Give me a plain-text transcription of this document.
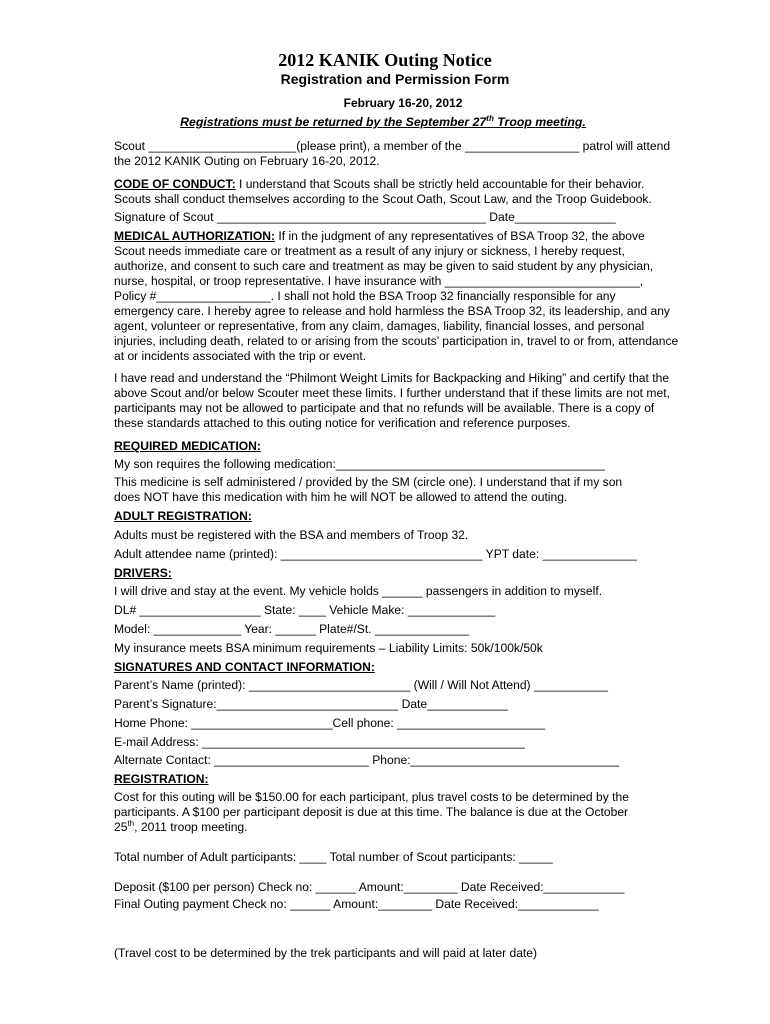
2012 KANIK Outing Notice
Registration and Permission Form
February 16-20, 2012
Registrations must be returned by the September 27th Troop meeting.
Scout ______________________(please print), a member of the _________________ patrol will attend
the 2012 KANIK Outing on February 16-20, 2012.
CODE OF CONDUCT: I understand that Scouts shall be strictly held accountable for their behavior.
Scouts shall conduct themselves according to the Scout Oath, Scout Law, and the Troop Guidebook.
Signature of Scout ________________________________________ Date_______________
MEDICAL AUTHORIZATION: If in the judgment of any representatives of BSA Troop 32, the above
Scout needs immediate care or treatment as a result of any injury or sickness, I hereby request,
authorize, and consent to such care and treatment as may be given to said student by any physician,
nurse, hospital, or troop representative. I have insurance with _____________________________,
Policy #_________________. I shall not hold the BSA Troop 32 financially responsible for any
emergency care. I hereby agree to release and hold harmless the BSA Troop 32, its leadership, and any
agent, volunteer or representative, from any claim, damages, liability, financial losses, and personal
injuries, including death, related to or arising from the scouts’ participation in, travel to or from, attendance
at or incidents associated with the trip or event.
I have read and understand the “Philmont Weight Limits for Backpacking and Hiking” and certify that the
above Scout and/or below Scouter meet these limits. I further understand that if these limits are not met,
participants may not be allowed to participate and that no refunds will be available. There is a copy of
these standards attached to this outing notice for verification and reference purposes.
REQUIRED MEDICATION:
My son requires the following medication:________________________________________
This medicine is self administered / provided by the SM (circle one). I understand that if my son
does NOT have this medication with him he will NOT be allowed to attend the outing.
ADULT REGISTRATION:
Adults must be registered with the BSA and members of Troop 32.
Adult attendee name (printed): ______________________________ YPT date: ______________
DRIVERS:
I will drive and stay at the event. My vehicle holds ______ passengers in addition to myself.
DL# __________________ State: ____ Vehicle Make: _____________
Model: _____________ Year: ______ Plate#/St. ______________
My insurance meets BSA minimum requirements – Liability Limits: 50k/100k/50k
SIGNATURES AND CONTACT INFORMATION:
Parent’s Name (printed): ________________________ (Will / Will Not Attend) ___________
Parent’s Signature:___________________________ Date____________
Home Phone: _____________________Cell phone: ______________________
E-mail Address: ________________________________________________
Alternate Contact: _______________________ Phone:_______________________________
REGISTRATION:
Cost for this outing will be $150.00 for each participant, plus travel costs to be determined by the
participants. A $100 per participant deposit is due at this time. The balance is due at the October
25th, 2011 troop meeting.
Total number of Adult participants: ____ Total number of Scout participants: _____
Deposit ($100 per person) Check no: ______ Amount:________ Date Received:____________
Final Outing payment Check no: ______ Amount:________ Date Received:____________
(Travel cost to be determined by the trek participants and will paid at later date)
